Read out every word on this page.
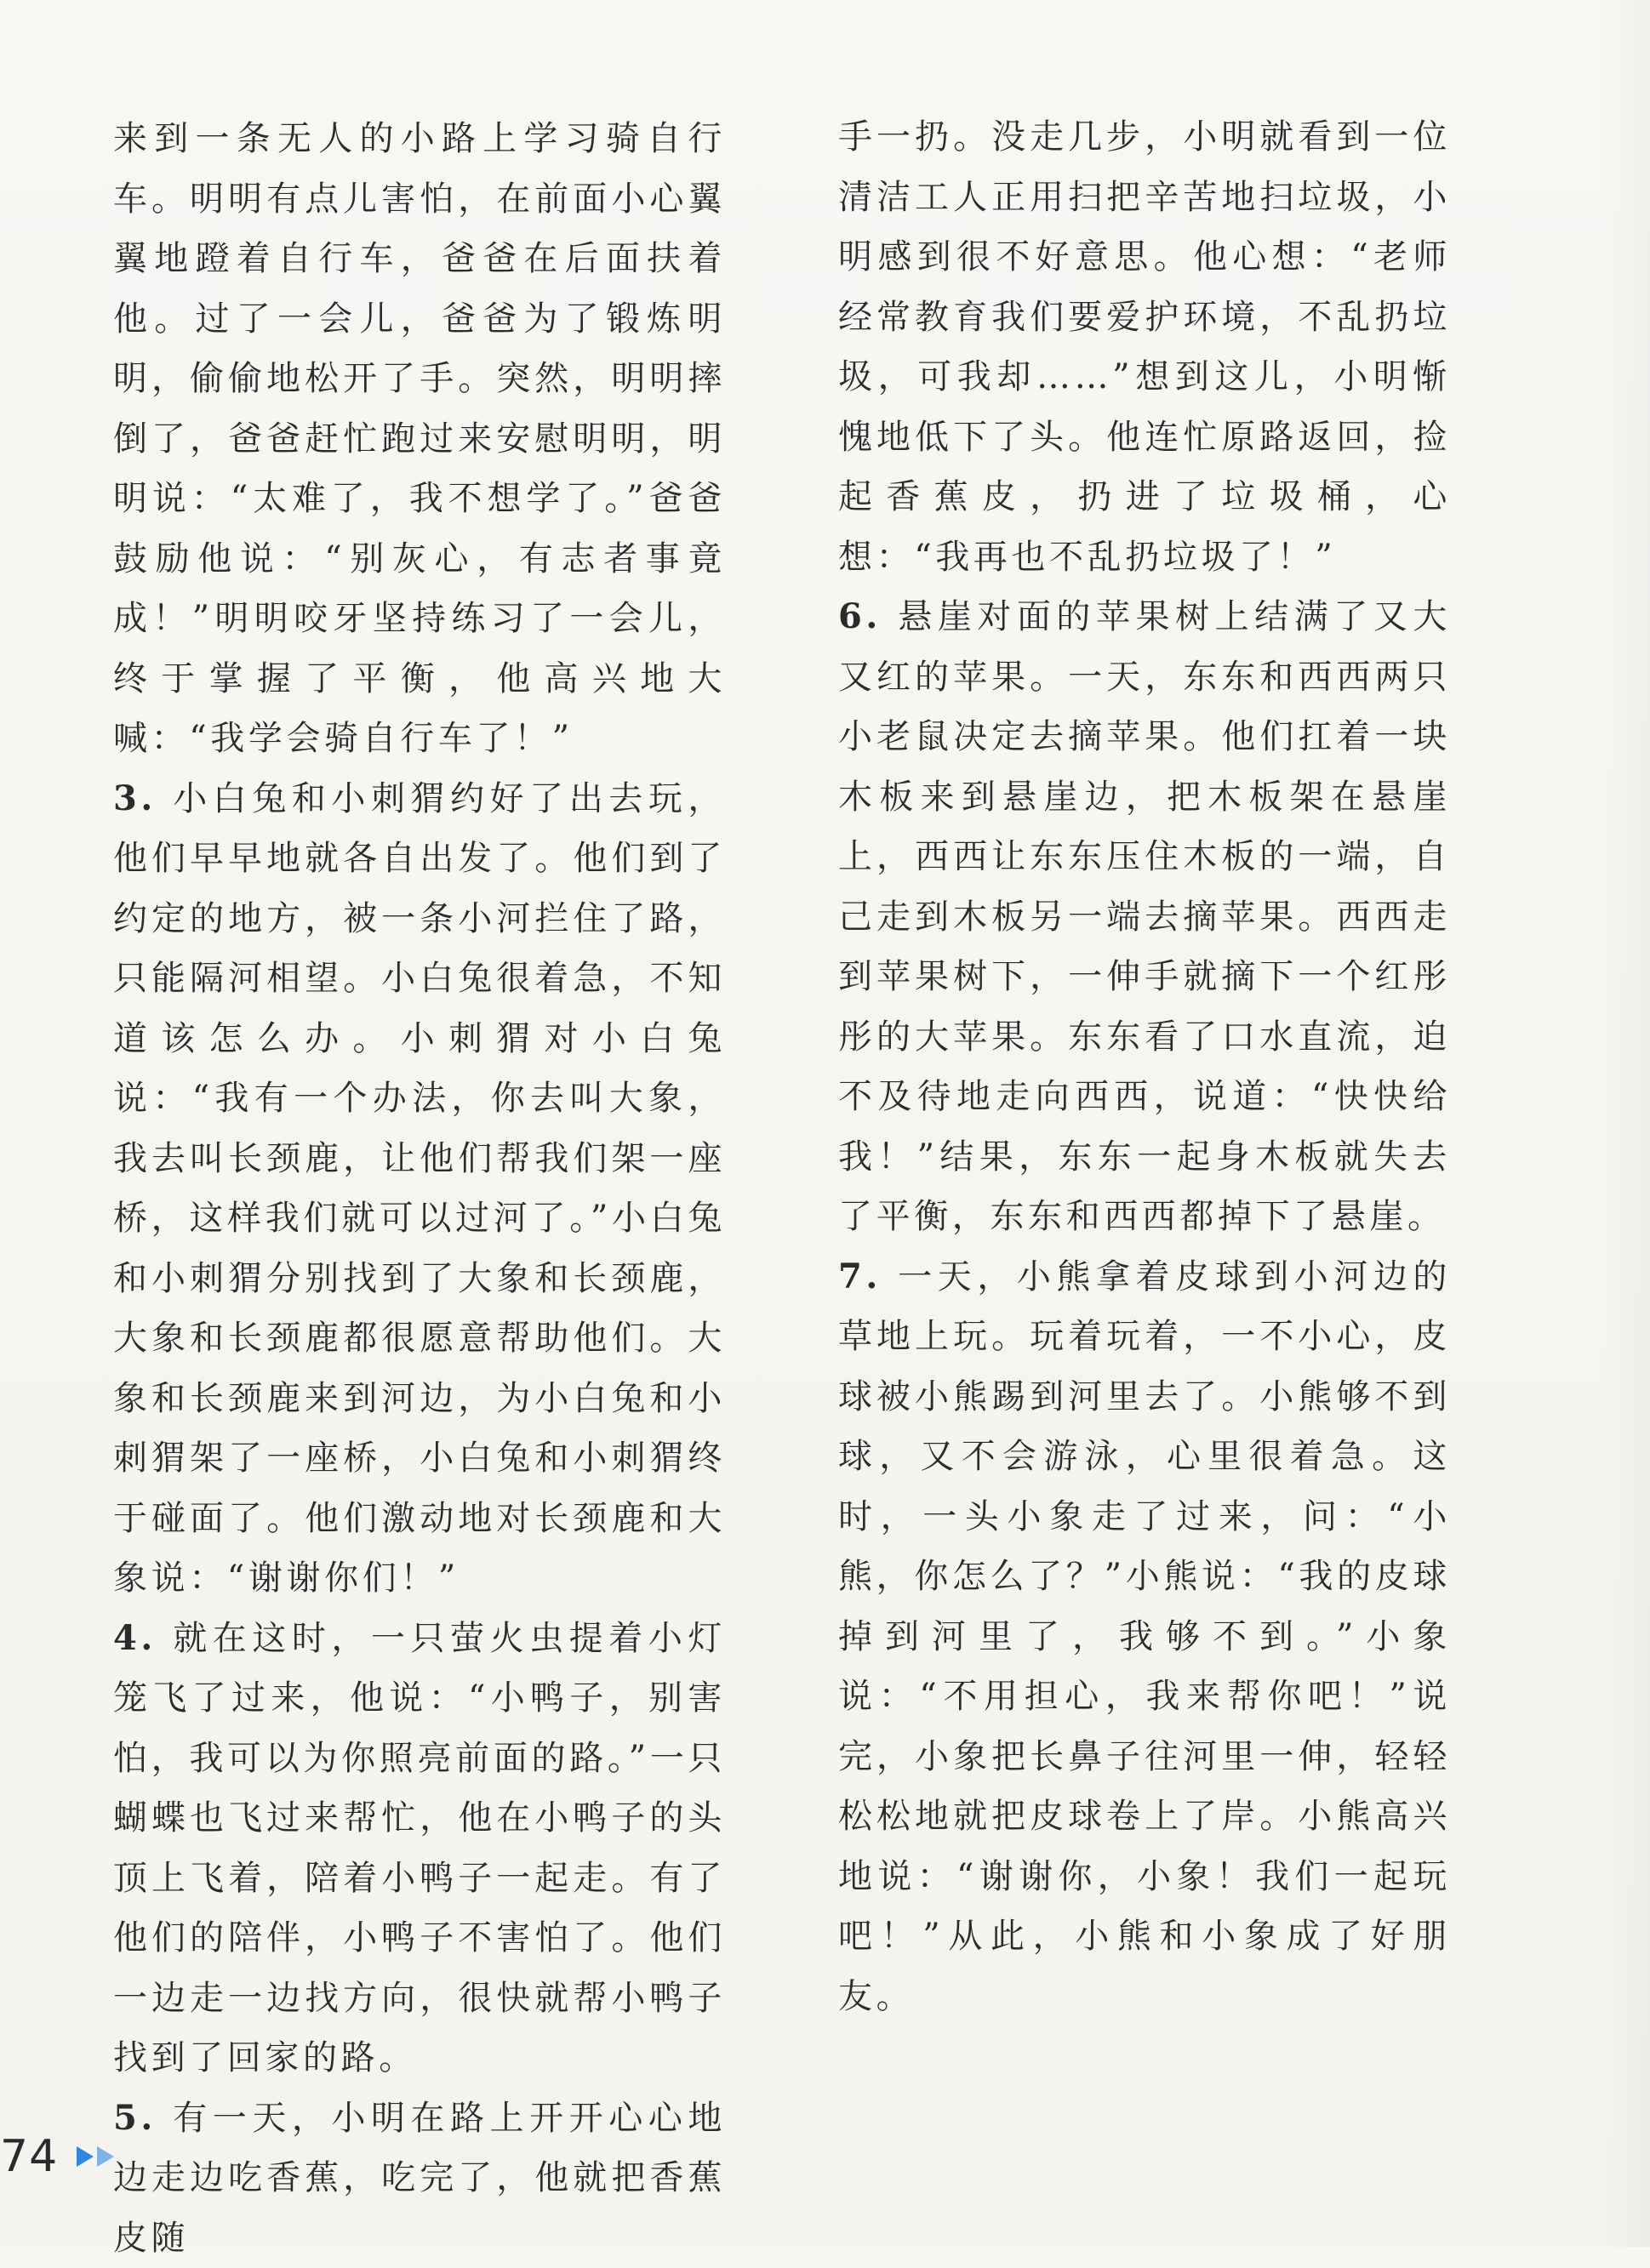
来到一条无人的小路上学习骑自行车。明明有点儿害怕，在前面小心翼翼地蹬着自行车，爸爸在后面扶着他。过了一会儿，爸爸为了锻炼明明，偷偷地松开了手。突然，明明摔倒了，爸爸赶忙跑过来安慰明明，明明说：“太难了，我不想学了。”爸爸鼓励他说：“别灰心，有志者事竟成！”明明咬牙坚持练习了一会儿，终于掌握了平衡，他高兴地大喊：“我学会骑自行车了！”

3. 小白兔和小刺猬约好了出去玩，他们早早地就各自出发了。他们到了约定的地方，被一条小河拦住了路，只能隔河相望。小白兔很着急，不知道该怎么办。小刺猬对小白兔说：“我有一个办法，你去叫大象，我去叫长颈鹿，让他们帮我们架一座桥，这样我们就可以过河了。”小白兔和小刺猬分别找到了大象和长颈鹿，大象和长颈鹿都很愿意帮助他们。大象和长颈鹿来到河边，为小白兔和小刺猬架了一座桥，小白兔和小刺猬终于碰面了。他们激动地对长颈鹿和大象说：“谢谢你们！”

4. 就在这时，一只萤火虫提着小灯笼飞了过来，他说：“小鸭子，别害怕，我可以为你照亮前面的路。”一只蝴蝶也飞过来帮忙，他在小鸭子的头顶上飞着，陪着小鸭子一起走。有了他们的陪伴，小鸭子不害怕了。他们一边走一边找方向，很快就帮小鸭子找到了回家的路。

5. 有一天，小明在路上开开心心地边走边吃香蕉，吃完了，他就把香蕉皮随

手一扔。没走几步，小明就看到一位清洁工人正用扫把辛苦地扫垃圾，小明感到很不好意思。他心想：“老师经常教育我们要爱护环境，不乱扔垃圾，可我却……”想到这儿，小明惭愧地低下了头。他连忙原路返回，捡起香蕉皮，扔进了垃圾桶，心想：“我再也不乱扔垃圾了！”

6. 悬崖对面的苹果树上结满了又大又红的苹果。一天，东东和西西两只小老鼠决定去摘苹果。他们扛着一块木板来到悬崖边，把木板架在悬崖上，西西让东东压住木板的一端，自己走到木板另一端去摘苹果。西西走到苹果树下，一伸手就摘下一个红彤彤的大苹果。东东看了口水直流，迫不及待地走向西西，说道：“快快给我！”结果，东东一起身木板就失去了平衡，东东和西西都掉下了悬崖。

7. 一天，小熊拿着皮球到小河边的草地上玩。玩着玩着，一不小心，皮球被小熊踢到河里去了。小熊够不到球，又不会游泳，心里很着急。这时，一头小象走了过来，问：“小熊，你怎么了？”小熊说：“我的皮球掉到河里了，我够不到。”小象说：“不用担心，我来帮你吧！”说完，小象把长鼻子往河里一伸，轻轻松松地就把皮球卷上了岸。小熊高兴地说：“谢谢你，小象！我们一起玩吧！”从此，小熊和小象成了好朋友。

74
